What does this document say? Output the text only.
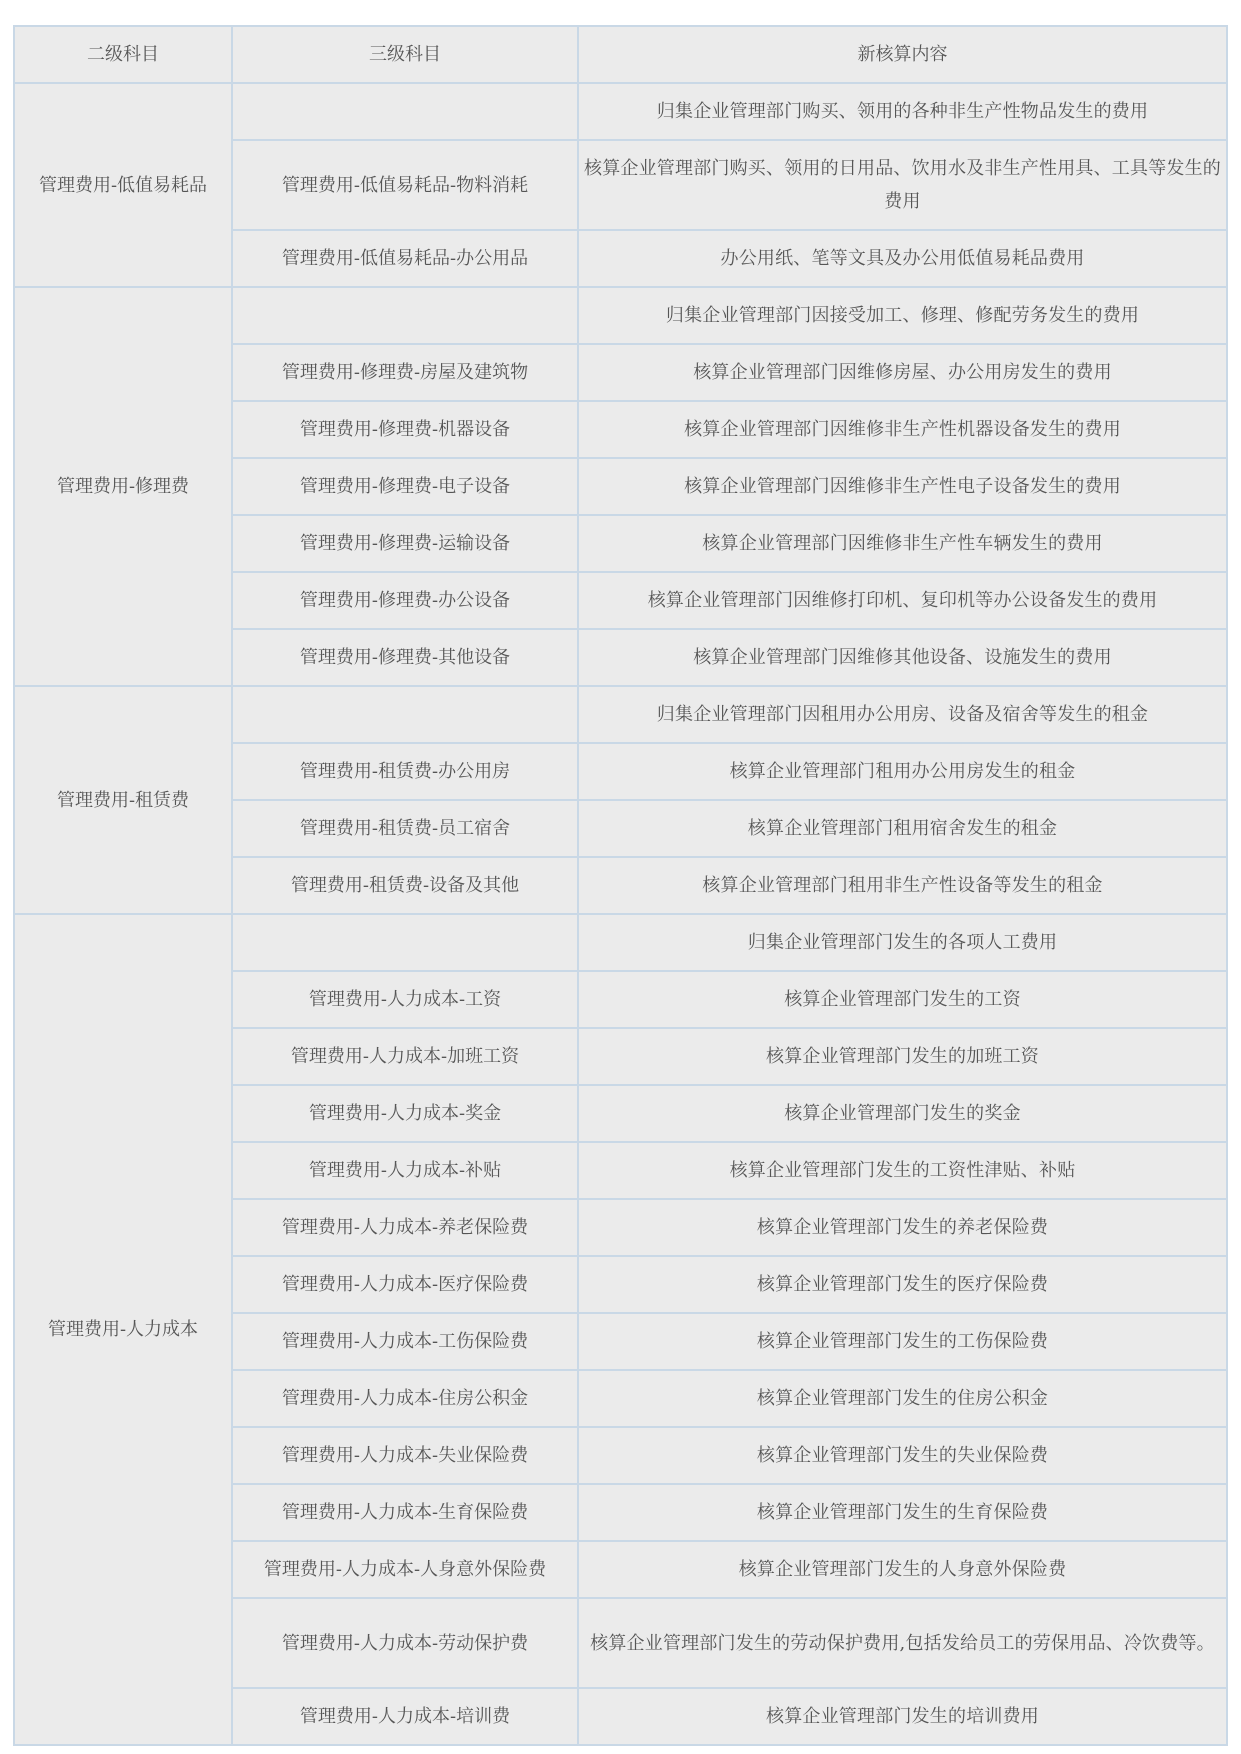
二级科目	三级科目	新核算内容
管理费用-低值易耗品		归集企业管理部门购买、领用的各种非生产性物品发生的费用
	管理费用-低值易耗品-物料消耗	核算企业管理部门购买、领用的日用品、饮用水及非生产性用具、工具等发生的费用
	管理费用-低值易耗品-办公用品	办公用纸、笔等文具及办公用低值易耗品费用
管理费用-修理费		归集企业管理部门因接受加工、修理、修配劳务发生的费用
	管理费用-修理费-房屋及建筑物	核算企业管理部门因维修房屋、办公用房发生的费用
	管理费用-修理费-机器设备	核算企业管理部门因维修非生产性机器设备发生的费用
	管理费用-修理费-电子设备	核算企业管理部门因维修非生产性电子设备发生的费用
	管理费用-修理费-运输设备	核算企业管理部门因维修非生产性车辆发生的费用
	管理费用-修理费-办公设备	核算企业管理部门因维修打印机、复印机等办公设备发生的费用
	管理费用-修理费-其他设备	核算企业管理部门因维修其他设备、设施发生的费用
管理费用-租赁费		归集企业管理部门因租用办公用房、设备及宿舍等发生的租金
	管理费用-租赁费-办公用房	核算企业管理部门租用办公用房发生的租金
	管理费用-租赁费-员工宿舍	核算企业管理部门租用宿舍发生的租金
	管理费用-租赁费-设备及其他	核算企业管理部门租用非生产性设备等发生的租金
管理费用-人力成本		归集企业管理部门发生的各项人工费用
	管理费用-人力成本-工资	核算企业管理部门发生的工资
	管理费用-人力成本-加班工资	核算企业管理部门发生的加班工资
	管理费用-人力成本-奖金	核算企业管理部门发生的奖金
	管理费用-人力成本-补贴	核算企业管理部门发生的工资性津贴、补贴
	管理费用-人力成本-养老保险费	核算企业管理部门发生的养老保险费
	管理费用-人力成本-医疗保险费	核算企业管理部门发生的医疗保险费
	管理费用-人力成本-工伤保险费	核算企业管理部门发生的工伤保险费
	管理费用-人力成本-住房公积金	核算企业管理部门发生的住房公积金
	管理费用-人力成本-失业保险费	核算企业管理部门发生的失业保险费
	管理费用-人力成本-生育保险费	核算企业管理部门发生的生育保险费
	管理费用-人力成本-人身意外保险费	核算企业管理部门发生的人身意外保险费
	管理费用-人力成本-劳动保护费	核算企业管理部门发生的劳动保护费用,包括发给员工的劳保用品、冷饮费等。
	管理费用-人力成本-培训费	核算企业管理部门发生的培训费用
